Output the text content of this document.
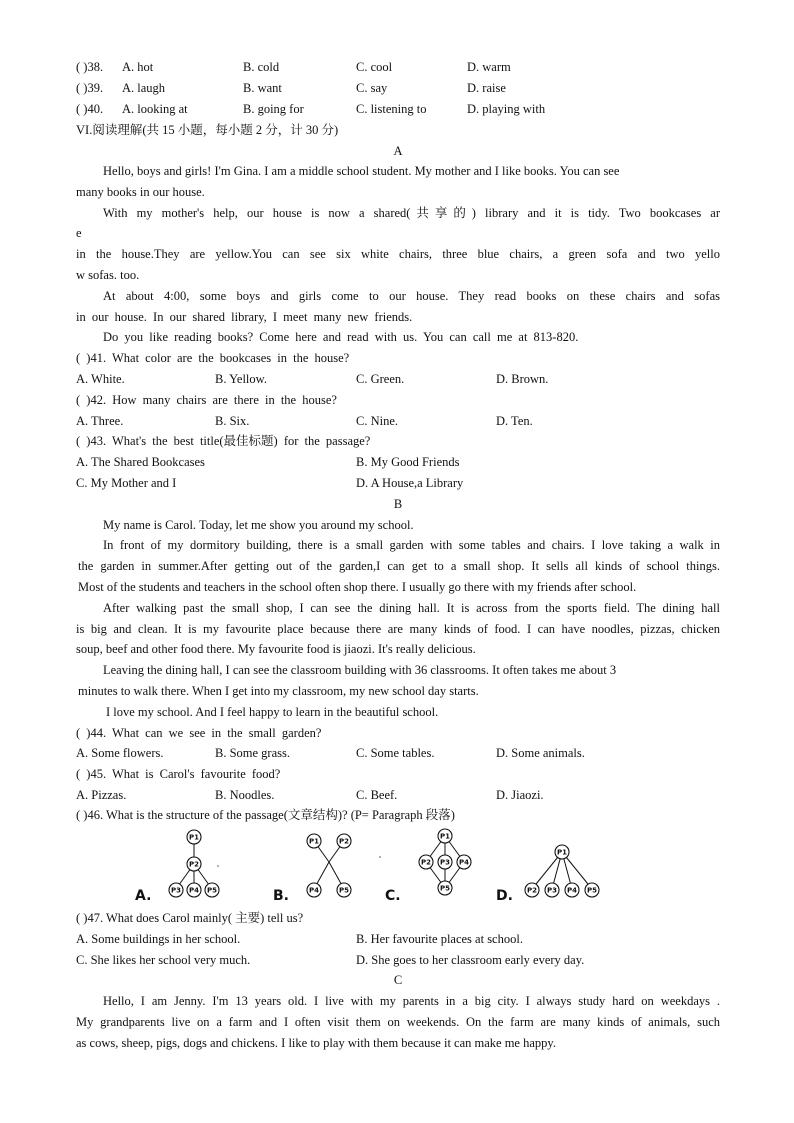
( )38. A. hot	B. cold	C. cool	D. warm
( )39. A. laugh	B. want	C. say	D. raise
( )40. A. looking at	B. going for	C. listening to	D. playing with
VI.阅读理解(共 15 小题，每小题 2 分，计 30 分)
A
Hello, boys and girls! I'm Gina. I am a middle school student. My mother and I like books. You can see
many books in our house.
With my mother's help, our house is now a shared(共享的) library and it is tidy. Two bookcases ar
e
in the house.They are yellow.You can see six white chairs, three blue chairs, a green sofa and two yello
w sofas. too.
At about 4:00, some boys and girls come to our house. They read books on these chairs and sofas
in our house. In our shared library, I meet many new friends.
Do you like reading books? Come here and read with us. You can call me at 813-820.
( )41. What color are the bookcases in the house?
A. White.	B. Yellow.	C. Green.	D. Brown.
( )42. How many chairs are there in the house?
A. Three.	B. Six.	C. Nine.	D. Ten.
( )43. What's the best title(最佳标题) for the passage?
A. The Shared Bookcases	B. My Good Friends
C. My Mother and I	D. A House,a Library
B
My name is Carol. Today, let me show you around my school.
In front of my dormitory building, there is a small garden with some tables and chairs. I love taking a walk in
the garden in summer.After getting out of the garden,I can get to a small shop. It sells all kinds of school things.
Most of the students and teachers in the school often shop there. I usually go there with my friends after school.
After walking past the small shop, I can see the dining hall. It is across from the sports field. The dining hall
is big and clean. It is my favourite place because there are many kinds of food. I can have noodles, pizzas, chicken
soup, beef and other food there. My favourite food is jiaozi. It's really delicious.
Leaving the dining hall, I can see the classroom building with 36 classrooms. It often takes me about 3
minutes to walk there. When I get into my classroom, my new school day starts.
I love my school. And I feel happy to learn in the beautiful school.
( )44. What can we see in the small garden?
A. Some flowers.	B. Some grass.	C. Some tables.	D. Some animals.
( )45. What is Carol's favourite food?
A. Pizzas.	B. Noodles.	C. Beef.	D. Jiaozi.
( )46. What is the structure of the passage(文章结构)? (P= Paragraph 段落)
P1
P2
P3 P4 P5
P1	P2
P4	P5
P1
P2 P3 P4
P5
P1
P2 P3 P4 P5
A.	B.	C.	D.
( )47. What does Carol mainly( 主要) tell us?
A. Some buildings in her school.	B. Her favourite places at school.
C. She likes her school very much.	D. She goes to her classroom early every day.
C
Hello, I am Jenny. I'm 13 years old. I live with my parents in a big city. I always study hard on weekdays .
My grandparents live on a farm and I often visit them on weekends. On the farm are many kinds of animals, such
as cows, sheep, pigs, dogs and chickens. I like to play with them because it can make me happy.
